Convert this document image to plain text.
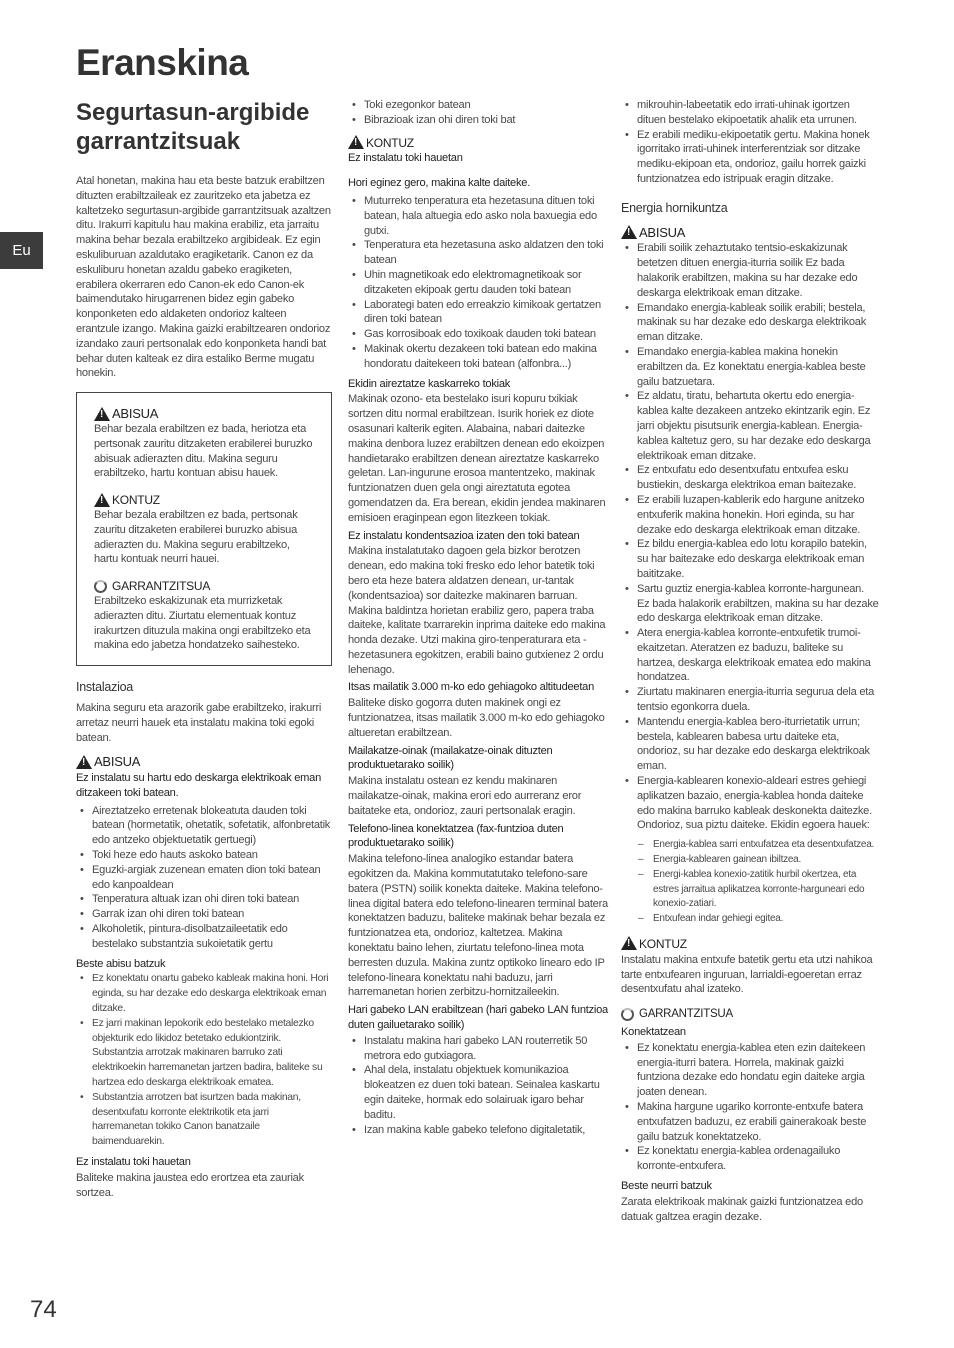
Eranskina
Segurtasun-argibide garrantzitsuak
Eu
74

Atal honetan, makina hau eta beste batzuk erabiltzen dituzten erabiltzaileak ez zauritzeko eta jabetza ez kaltetzeko segurtasun-argibide garrantzitsuak azaltzen ditu. Irakurri kapitulu hau makina erabiliz, eta jarraitu makina behar bezala erabiltzeko argibideak. Ez egin eskuliburuan azaldutako eragiketarik. Canon ez da eskuliburu honetan azaldu gabeko eragiketen, erabilera okerraren edo Canon-ek edo Canon-ek baimendutako hirugarrenen bidez egin gabeko konponketen edo aldaketen ondorioz kalteen erantzule izango. Makina gaizki erabiltzearen ondorioz izandako zauri pertsonalak edo konponketa handi bat behar duten kalteak ez dira estaliko Berme mugatu honekin.

! ABISUA

Behar bezala erabiltzen ez bada, heriotza eta pertsonak zauritu ditzaketen erabilerei buruzko abisuak adierazten ditu. Makina seguru erabiltzeko, hartu kontuan abisu hauek.

! KONTUZ

Behar bezala erabiltzen ez bada, pertsonak zauritu ditzaketen erabilerei buruzko abisua adierazten du. Makina seguru erabiltzeko, hartu kontuak neurri hauei.

GARRANTZITSUA

Erabiltzeko eskakizunak eta murrizketak adierazten ditu. Ziurtatu elementuak kontuz irakurtzen dituzula makina ongi erabiltzeko eta makina edo jabetza hondatzeko saihesteko.

Instalazioa

Makina seguru eta arazorik gabe erabiltzeko, irakurri arretaz neurri hauek eta instalatu makina toki egoki batean.

! ABISUA

Ez instalatu su hartu edo deskarga elektrikoak eman ditzakeen toki batean.

• Aireztatzeko erretenak blokeatuta dauden toki batean (hormetatik, ohetatik, sofetatik, alfonbretatik edo antzeko objektuetatik gertuegi)
• Toki heze edo hauts askoko batean
• Eguzki-argiak zuzenean ematen dion toki batean edo kanpoaldean
• Tenperatura altuak izan ohi diren toki batean
• Garrak izan ohi diren toki batean
• Alkoholetik, pintura-disolbatzaileetatik edo bestelako substantzia sukoietatik gertu
Beste abisu batzuk
• Ez konektatu onartu gabeko kableak makina honi. Hori eginda, su har dezake edo deskarga elektrikoak eman ditzake.
• Ez jarri makinan lepokorik edo bestelako metalezko objekturik edo likidoz betetako edukiontzirik. Substantzia arrotzak makinaren barruko zati elektrikoekin harremanetan jartzen badira, baliteke su hartzea edo deskarga elektrikoak ematea.
• Substantzia arrotzen bat isurtzen bada makinan, desentxufatu korronte elektrikotik eta jarri harremanetan tokiko Canon banatzaile baimenduarekin.
Ez instalatu toki hauetan

Baliteke makina jaustea edo erortzea eta zauriak sortzea.

• Toki ezegonkor batean
• Bibrazioak izan ohi diren toki bat
! KONTUZ

Ez instalatu toki hauetan

Hori eginez gero, makina kalte daiteke.

• Muturreko tenperatura eta hezetasuna dituen toki batean, hala altuegia edo asko nola baxuegia edo gutxi.
• Tenperatura eta hezetasuna asko aldatzen den toki batean
• Uhin magnetikoak edo elektromagnetikoak sor ditzaketen ekipoak gertu dauden toki batean
• Laborategi baten edo erreakzio kimikoak gertatzen diren toki batean
• Gas korrosiboak edo toxikoak dauden toki batean
• Makinak okertu dezakeen toki batean edo makina hondoratu daitekeen toki batean (alfonbra...)
Ekidin aireztatze kaskarreko tokiak

Makinak ozono- eta bestelako isuri kopuru txikiak sortzen ditu normal erabiltzean. Isurik horiek ez diote osasunari kalterik egiten. Alabaina, nabari daitezke makina denbora luzez erabiltzen denean edo ekoizpen handietarako erabiltzen denean aireztatze kaskarreko geletan. Lan-ingurune erosoa mantentzeko, makinak funtzionatzen duen gela ongi aireztatuta egotea gomendatzen da. Era berean, ekidin jendea makinaren emisioen eraginpean egon litezkeen tokiak.

Ez instalatu kondentsazioa izaten den toki batean

Makina instalatutako dagoen gela bizkor berotzen denean, edo makina toki fresko edo lehor batetik toki bero eta heze batera aldatzen denean, ur-tantak (kondentsazioa) sor daitezke makinaren barruan. Makina baldintza horietan erabiliz gero, papera traba daiteke, kalitate txarrarekin inprima daiteke edo makina honda dezake. Utzi makina giro-tenperaturara eta -hezetasunera egokitzen, erabili baino gutxienez 2 ordu lehenago.

Itsas mailatik 3.000 m-ko edo gehiagoko altitudeetan

Baliteke disko gogorra duten makinek ongi ez funtzionatzea, itsas mailatik 3.000 m-ko edo gehiagoko altueretan erabiltzean.

Mailakatze-oinak (mailakatze-oinak dituzten produktuetarako soilik)

Makina instalatu ostean ez kendu makinaren mailakatze-oinak, makina erori edo aurreranz eror baitateke eta, ondorioz, zauri pertsonalak eragin.

Telefono-linea konektatzea (fax-funtzioa duten produktuetarako soilik)

Makina telefono-linea analogiko estandar batera egokitzen da. Makina kommutatutako telefono-sare batera (PSTN) soilik konekta daiteke. Makina telefono-linea digital batera edo telefono-linearen terminal batera konektatzen baduzu, baliteke makinak behar bezala ez funtzionatzea eta, ondorioz, kaltetzea. Makina konektatu baino lehen, ziurtatu telefono-linea mota berresten duzula. Makina zuntz optikoko linearo edo IP telefono-lineara konektatu nahi baduzu, jarri harremanetan horien zerbitzu-hornitzaileekin.

Hari gabeko LAN erabiltzean (hari gabeko LAN funtzioa duten gailuetarako soilik)
• Instalatu makina hari gabeko LAN routerretik 50 metrora edo gutxiagora.
• Ahal dela, instalatu objektuek komunikazioa blokeatzen ez duen toki batean. Seinalea kaskartu egin daiteke, hormak edo solairuak igaro behar baditu.
• Izan makina kable gabeko telefono digitaletatik,
• mikrouhin-labeetatik edo irrati-uhinak igortzen dituen bestelako ekipoetatik ahalik eta urrunen.
• Ez erabili mediku-ekipoetatik gertu. Makina honek igorritako irrati-uhinek interferentziak sor ditzake mediku-ekipoan eta, ondorioz, gailu horrek gaizki funtzionatzea edo istripuak eragin ditzake.
Energia hornikuntza
! ABISUA
• Erabili soilik zehaztutako tentsio-eskakizunak betetzen dituen energia-iturria soilik Ez bada halakorik erabiltzen, makina su har dezake edo deskarga elektrikoak eman ditzake.
• Emandako energia-kableak soilik erabili; bestela, makinak su har dezake edo deskarga elektrikoak eman ditzake.
• Emandako energia-kablea makina honekin erabiltzen da. Ez konektatu energia-kablea beste gailu batzuetara.
• Ez aldatu, tiratu, behartuta okertu edo energia-kablea kalte dezakeen antzeko ekintzarik egin. Ez jarri objektu pisutsurik energia-kablean. Energia-kablea kaltetuz gero, su har dezake edo deskarga elektrikoak eman ditzake.
• Ez entxufatu edo desentxufatu entxufea esku bustiekin, deskarga elektrikoa eman baitezake.
• Ez erabili luzapen-kablerik edo hargune anitzeko entxuferik makina honekin. Hori eginda, su har dezake edo deskarga elektrikoak eman ditzake.
• Ez bildu energia-kablea edo lotu korapilo batekin, su har baitezake edo deskarga elektrikoak eman baititzake.
• Sartu guztiz energia-kablea korronte-hargunean. Ez bada halakorik erabiltzen, makina su har dezake edo deskarga elektrikoak eman ditzake.
• Atera energia-kablea korronte-entxufetik trumoi-ekaitzetan. Ateratzen ez baduzu, baliteke su hartzea, deskarga elektrikoak ematea edo makina hondatzea.
• Ziurtatu makinaren energia-iturria segurua dela eta tentsio egonkorra duela.
• Mantendu energia-kablea bero-iturrietatik urrun; bestela, kablearen babesa urtu daiteke eta, ondorioz, su har dezake edo deskarga elektrikoak eman.
• Energia-kablearen konexio-aldeari estres gehiegi aplikatzen bazaio, energia-kablea honda daiteke edo makina barruko kableak deskonekta daitezke. Ondorioz, sua piztu daiteke. Ekidin egoera hauek:
– Energia-kablea sarri entxufatzea eta desentxufatzea.
– Energia-kablearen gainean ibiltzea.
– Energi-kablea konexio-zatitik hurbil okertzea, eta estres jarraitua aplikatzea korronte-harguneari edo konexio-zatiari.
– Entxufean indar gehiegi egitea.
! KONTUZ

Instalatu makina entxufe batetik gertu eta utzi nahikoa tarte entxufearen inguruan, larrialdi-egoeretan erraz desentxufatu ahal izateko.

GARRANTZITSUA
Konektatzean
• Ez konektatu energia-kablea eten ezin daitekeen energia-iturri batera. Horrela, makinak gaizki funtziona dezake edo hondatu egin daiteke argia joaten denean.
• Makina hargune ugariko korronte-entxufe batera entxufatzen baduzu, ez erabili gainerakoak beste gailu batzuk konektatzeko.
• Ez konektatu energia-kablea ordenagailuko korronte-entxufera.
Beste neurri batzuk

Zarata elektrikoak makinak gaizki funtzionatzea edo datuak galtzea eragin dezake.
